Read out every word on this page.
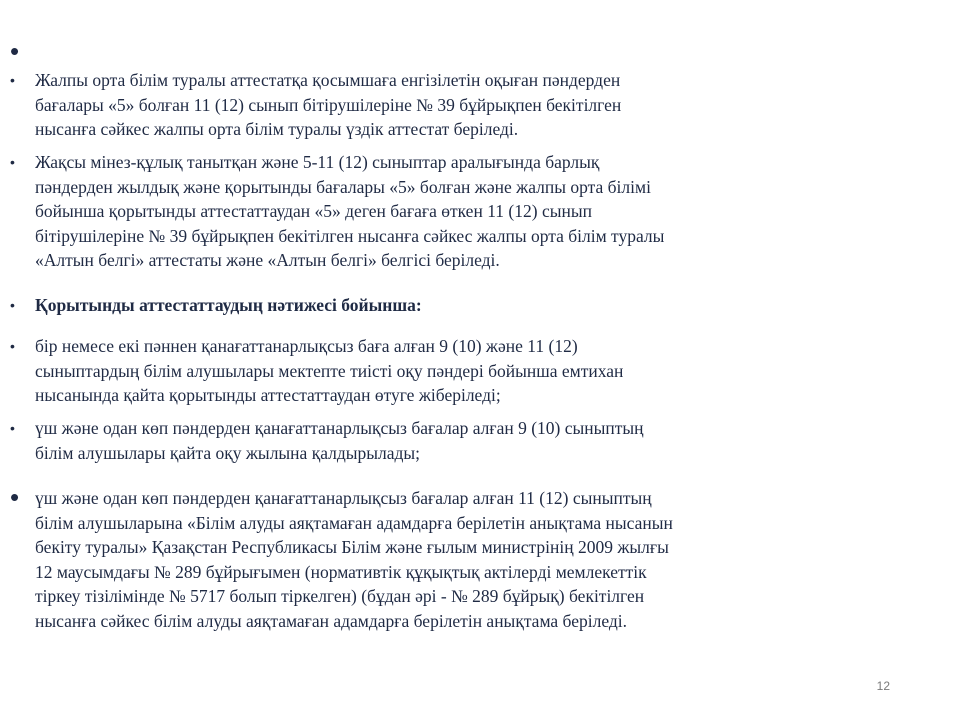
•
• Жалпы орта білім туралы аттестатқа қосымшаға енгізілетін оқыған пәндерден
бағалары «5» болған 11 (12) сынып бітірушілеріне № 39 бұйрықпен бекітілген
нысанға сәйкес жалпы орта білім туралы үздік аттестат беріледі.
• Жақсы мінез-құлық танытқан және 5-11 (12) сыныптар аралығында барлық
пәндерден жылдық және қорытынды бағалары «5» болған және жалпы орта білімі
бойынша қорытынды аттестаттаудан «5» деген бағаға өткен 11 (12) сынып
бітірушілеріне № 39 бұйрықпен бекітілген нысанға сәйкес жалпы орта білім туралы
«Алтын белгі» аттестаты және «Алтын белгі» белгісі беріледі.
• Қорытынды аттестаттаудың нәтижесі бойынша:
• бір немесе екі пәннен қанағаттанарлықсыз баға алған 9 (10) және 11 (12)
сыныптардың білім алушылары мектепте тиісті оқу пәндері бойынша емтихан
нысанында қайта қорытынды аттестаттаудан өтуге жіберіледі;
• үш және одан көп пәндерден қанағаттанарлықсыз бағалар алған 9 (10) сыныптың
білім алушылары қайта оқу жылына қалдырылады;
• үш және одан көп пәндерден қанағаттанарлықсыз бағалар алған 11 (12) сыныптың
білім алушыларына «Білім алуды аяқтамаған адамдарға берілетін анықтама нысанын
бекіту туралы» Қазақстан Республикасы Білім және ғылым министрінің 2009 жылғы
12 маусымдағы № 289 бұйрығымен (нормативтік құқықтық актілерді мемлекеттік
тіркеу тізілімінде № 5717 болып тіркелген) (бұдан әрі - № 289 бұйрық) бекітілген
нысанға сәйкес білім алуды аяқтамаған адамдарға берілетін анықтама беріледі.
12
